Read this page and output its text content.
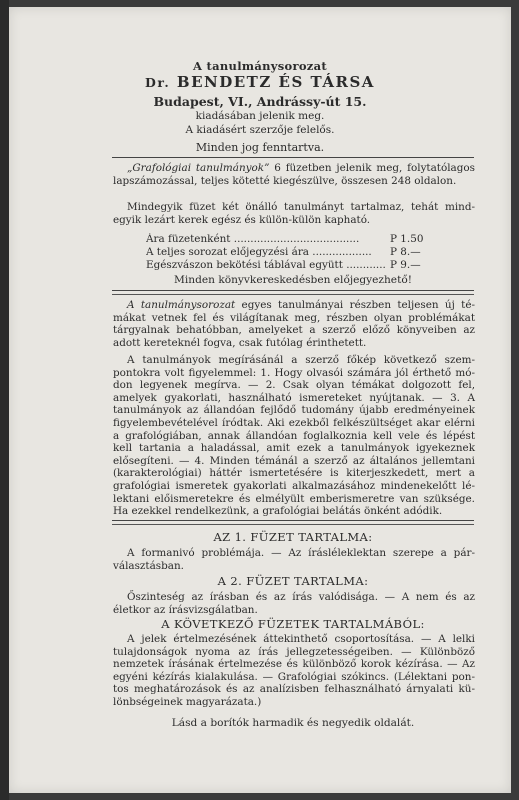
A tanulmánysorozat
Dr. BENDETZ ÉS TÁRSA
Budapest, VI., Andrássy-út 15.
kiadásában jelenik meg.
A kiadásért szerzője felelős.
Minden jog fenntartva.
„Grafológiai tanulmányok” 6 füzetben jelenik meg, folytatólagos lapszámozással, teljes kötetté kiegészülve, összesen 248 oldalon.
Mindegyik füzet két önálló tanulmányt tartalmaz, tehát mindegyik lezárt kerek egész és külön-külön kapható.
Ára füzetenként ......................................	P 1.50
A teljes sorozat előjegyzési ára ..................	P 8.—
Egészvászon bekötési táblával együtt ............ P 9.—
Minden könyvkereskedésben előjegyezhető!
A tanulmánysorozat egyes tanulmányai részben teljesen új témákat vetnek fel és világítanak meg, részben olyan problémákat tárgyalnak behatóbban, amelyeket a szerző előző könyveiben az adott kereteknél fogva, csak futólag érinthetett.
A tanulmányok megírásánál a szerző főkép következő szempontokra volt figyelemmel: 1. Hogy olvasói számára jól érthető módon legyenek megírva. — 2. Csak olyan témákat dolgozott fel, amelyek gyakorlati, használható ismereteket nyújtanak. — 3. A tanulmányok az állandóan fejlődő tudomány újabb eredményeinek figyelembevételével íródtak. Aki ezekből felkészültséget akar elérni a grafológiában, annak állandóan foglalkoznia kell vele és lépést kell tartania a haladással, amit ezek a tanulmányok igyekeznek elősegíteni. — 4. Minden témánál a szerző az általános jellemtani (karakterológiai) háttér ismertetésére is kiterjeszkedett, mert a grafológiai ismeretek gyakorlati alkalmazásához mindenekelőtt lélektani előismeretekre és elmélyült emberismeretre van szüksége. Ha ezekkel rendelkezünk, a grafológiai belátás önként adódik.
AZ 1. FÜZET TARTALMA:
A formanivó problémája. — Az írásléleklektan szerepe a párválasztásban.
A 2. FÜZET TARTALMA:
Őszinteség az írásban és az írás valódisága. — A nem és az életkor az írásvizsgálatban.
A KÖVETKEZŐ FÜZETEK TARTALMÁBÓL:
A jelek értelmezésének áttekinthető csoportosítása. — A lelki tulajdonságok nyoma az írás jellegzetességeiben. — Különböző nemzetek írásának értelmezése és különböző korok kézírása. — Az egyéni kézírás kialakulása. — Grafológiai szókincs. (Lélektani pontos meghatározások és az analízisben felhasználható árnyalati különbségeinek magyarázata.)
Lásd a borítók harmadik és negyedik oldalát.
